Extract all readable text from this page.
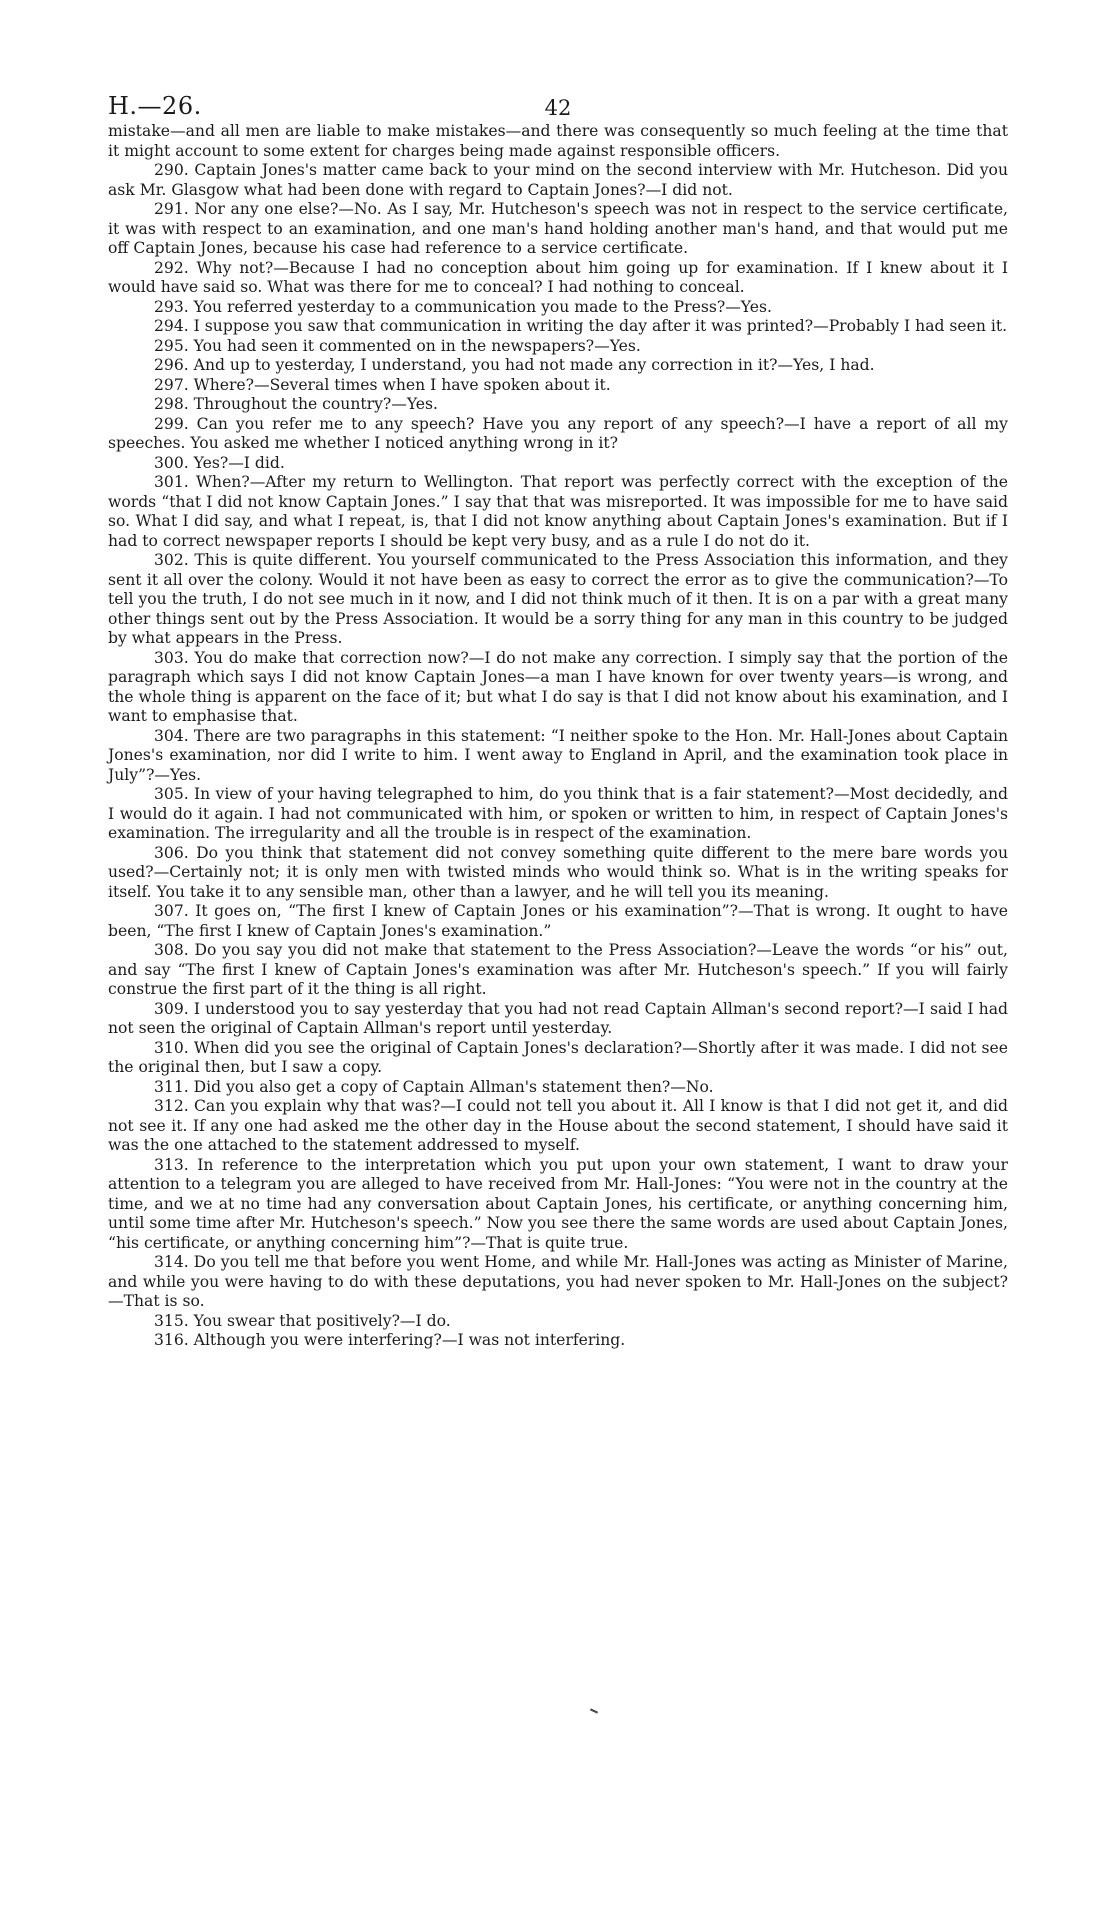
H.—26.	42

mistake—and all men are liable to make mistakes—and there was consequently so much feeling at the time that it might account to some extent for charges being made against responsible officers.

290. Captain Jones's matter came back to your mind on the second interview with Mr. Hutcheson. Did you ask Mr. Glasgow what had been done with regard to Captain Jones?—I did not.

291. Nor any one else?—No. As I say, Mr. Hutcheson's speech was not in respect to the service certificate, it was with respect to an examination, and one man's hand holding another man's hand, and that would put me off Captain Jones, because his case had reference to a service certificate.

292. Why not?—Because I had no conception about him going up for examination. If I knew about it I would have said so. What was there for me to conceal? I had nothing to conceal.

293. You referred yesterday to a communication you made to the Press?—Yes.

294. I suppose you saw that communication in writing the day after it was printed?—Probably I had seen it.

295. You had seen it commented on in the newspapers?—Yes.

296. And up to yesterday, I understand, you had not made any correction in it?—Yes, I had.

297. Where?—Several times when I have spoken about it.

298. Throughout the country?—Yes.

299. Can you refer me to any speech? Have you any report of any speech?—I have a report of all my speeches. You asked me whether I noticed anything wrong in it?

300. Yes?—I did.

301. When?—After my return to Wellington. That report was perfectly correct with the exception of the words “that I did not know Captain Jones.” I say that that was misreported. It was impossible for me to have said so. What I did say, and what I repeat, is, that I did not know anything about Captain Jones's examination. But if I had to correct newspaper reports I should be kept very busy, and as a rule I do not do it.

302. This is quite different. You yourself communicated to the Press Association this information, and they sent it all over the colony. Would it not have been as easy to correct the error as to give the communication?—To tell you the truth, I do not see much in it now, and I did not think much of it then. It is on a par with a great many other things sent out by the Press Association. It would be a sorry thing for any man in this country to be judged by what appears in the Press.

303. You do make that correction now?—I do not make any correction. I simply say that the portion of the paragraph which says I did not know Captain Jones—a man I have known for over twenty years—is wrong, and the whole thing is apparent on the face of it; but what I do say is that I did not know about his examination, and I want to emphasise that.

304. There are two paragraphs in this statement: “I neither spoke to the Hon. Mr. Hall-Jones about Captain Jones's examination, nor did I write to him. I went away to England in April, and the examination took place in July”?—Yes.

305. In view of your having telegraphed to him, do you think that is a fair statement?—Most decidedly, and I would do it again. I had not communicated with him, or spoken or written to him, in respect of Captain Jones's examination. The irregularity and all the trouble is in respect of the examination.

306. Do you think that statement did not convey something quite different to the mere bare words you used?—Certainly not; it is only men with twisted minds who would think so. What is in the writing speaks for itself. You take it to any sensible man, other than a lawyer, and he will tell you its meaning.

307. It goes on, “The first I knew of Captain Jones or his examination”?—That is wrong. It ought to have been, “The first I knew of Captain Jones's examination.”

308. Do you say you did not make that statement to the Press Association?—Leave the words “or his” out, and say “The first I knew of Captain Jones's examination was after Mr. Hutcheson's speech.” If you will fairly construe the first part of it the thing is all right.

309. I understood you to say yesterday that you had not read Captain Allman's second report?—I said I had not seen the original of Captain Allman's report until yesterday.

310. When did you see the original of Captain Jones's declaration?—Shortly after it was made. I did not see the original then, but I saw a copy.

311. Did you also get a copy of Captain Allman's statement then?—No.

312. Can you explain why that was?—I could not tell you about it. All I know is that I did not get it, and did not see it. If any one had asked me the other day in the House about the second statement, I should have said it was the one attached to the statement addressed to myself.

313. In reference to the interpretation which you put upon your own statement, I want to draw your attention to a telegram you are alleged to have received from Mr. Hall-Jones: “You were not in the country at the time, and we at no time had any conversation about Captain Jones, his certificate, or anything concerning him, until some time after Mr. Hutcheson's speech.” Now you see there the same words are used about Captain Jones, “his certificate, or anything concerning him”?—That is quite true.

314. Do you tell me that before you went Home, and while Mr. Hall-Jones was acting as Minister of Marine, and while you were having to do with these deputations, you had never spoken to Mr. Hall-Jones on the subject?—That is so.

315. You swear that positively?—I do.

316. Although you were interfering?—I was not interfering.
